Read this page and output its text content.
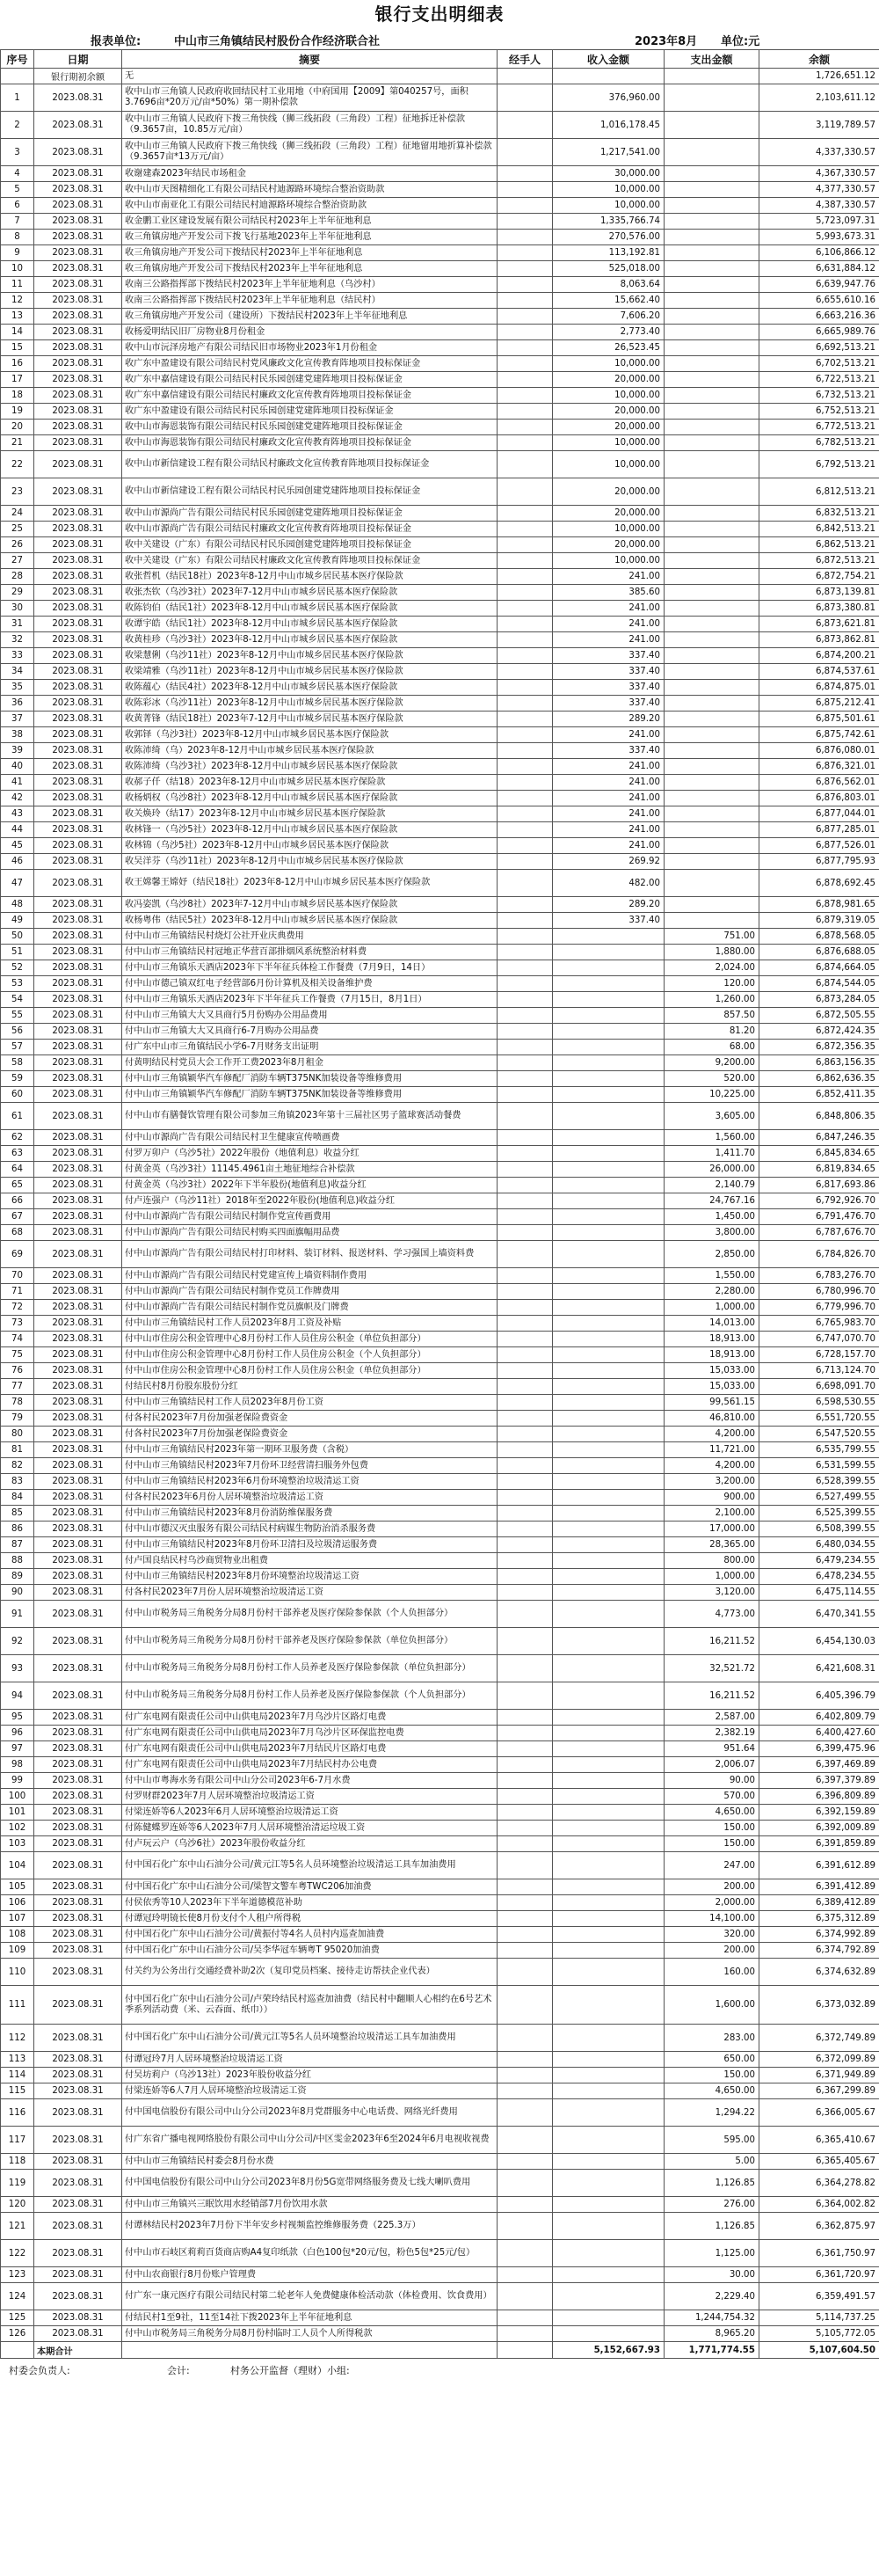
银行支出明细表
报表单位:	中山市三角镇结民村股份合作经济联合社	2023年8月 单位:元
序号	日期	摘要	经手人	收入金额	支出金额	余额
	银行期初余额	无				1,726,651.12
1	2023.08.31	收中山市三角镇人民政府收回结民村工业用地（中府国用【2009】第040257号，面积3.7696亩*20万元/亩*50%）第一期补偿款		376,960.00		2,103,611.12
2	2023.08.31	收中山市三角镇人民政府下拨三角快线（狮三线拓段（三角段）工程）征地拆迁补偿款（9.3657亩，10.85万元/亩）		1,016,178.45		3,119,789.57
3	2023.08.31	收中山市三角镇人民政府下拨三角快线（狮三线拓段（三角段）工程）征地留用地折算补偿款（9.3657亩*13万元/亩）		1,217,541.00		4,337,330.57
4	2023.08.31	收谢建森2023年结民市场租金		30,000.00		4,367,330.57
5	2023.08.31	收中山市天图精细化工有限公司结民村迪源路环境综合整治资助款		10,000.00		4,377,330.57
6	2023.08.31	收中山市南亚化工有限公司结民村迪源路环境综合整治资助款		10,000.00		4,387,330.57
7	2023.08.31	收金鹏工业区建设发展有限公司结民村2023年上半年征地利息		1,335,766.74		5,723,097.31
8	2023.08.31	收三角镇房地产开发公司下拨飞行基地2023年上半年征地利息		270,576.00		5,993,673.31
9	2023.08.31	收三角镇房地产开发公司下拨结民村2023年上半年征地利息		113,192.81		6,106,866.12
10	2023.08.31	收三角镇房地产开发公司下拨结民村2023年上半年征地利息		525,018.00		6,631,884.12
11	2023.08.31	收南三公路指挥部下拨结民村2023年上半年征地利息（乌沙村）		8,063.64		6,639,947.76
12	2023.08.31	收南三公路指挥部下拨结民村2023年上半年征地利息（结民村）		15,662.40		6,655,610.16
13	2023.08.31	收三角镇房地产开发公司（建设所）下拨结民村2023年上半年征地利息		7,606.20		6,663,216.36
14	2023.08.31	收杨爱明结民旧厂房物业8月份租金		2,773.40		6,665,989.76
15	2023.08.31	收中山市沅泽房地产有限公司结民旧市场物业2023年1月份租金		26,523.45		6,692,513.21
16	2023.08.31	收广东中盈建设有限公司结民村党风廉政文化宣传教育阵地项目投标保证金		10,000.00		6,702,513.21
17	2023.08.31	收广东中嘉信建设有限公司结民村民乐园创建党建阵地项目投标保证金		20,000.00		6,722,513.21
18	2023.08.31	收广东中嘉信建设有限公司结民村廉政文化宣传教育阵地项目投标保证金		10,000.00		6,732,513.21
19	2023.08.31	收广东中盈建设有限公司结民村民乐园创建党建阵地项目投标保证金		20,000.00		6,752,513.21
20	2023.08.31	收中山市海恩装饰有限公司结民村民乐园创建党建阵地项目投标保证金		20,000.00		6,772,513.21
21	2023.08.31	收中山市海恩装饰有限公司结民村廉政文化宣传教育阵地项目投标保证金		10,000.00		6,782,513.21
22	2023.08.31	收中山市新信建设工程有限公司结民村廉政文化宣传教育阵地项目投标保证金		10,000.00		6,792,513.21
23	2023.08.31	收中山市新信建设工程有限公司结民村民乐园创建党建阵地项目投标保证金		20,000.00		6,812,513.21
24	2023.08.31	收中山市源尚广告有限公司结民村民乐园创建党建阵地项目投标保证金		20,000.00		6,832,513.21
25	2023.08.31	收中山市源尚广告有限公司结民村廉政文化宣传教育阵地项目投标保证金		10,000.00		6,842,513.21
26	2023.08.31	收中关建设（广东）有限公司结民村民乐园创建党建阵地项目投标保证金		20,000.00		6,862,513.21
27	2023.08.31	收中关建设（广东）有限公司结民村廉政文化宣传教育阵地项目投标保证金		10,000.00		6,872,513.21
28	2023.08.31	收张哲机（结民18社）2023年8-12月中山市城乡居民基本医疗保险款		241.00		6,872,754.21
29	2023.08.31	收张杰钦（乌沙3社）2023年7-12月中山市城乡居民基本医疗保险款		385.60		6,873,139.81
30	2023.08.31	收陈钧伯（结民1社）2023年8-12月中山市城乡居民基本医疗保险款		241.00		6,873,380.81
31	2023.08.31	收谭宇皓（结民1社）2023年8-12月中山市城乡居民基本医疗保险款		241.00		6,873,621.81
32	2023.08.31	收黄桂珍（乌沙3社）2023年8-12月中山市城乡居民基本医疗保险款		241.00		6,873,862.81
33	2023.08.31	收梁慧俐（乌沙11社）2023年8-12月中山市城乡居民基本医疗保险款		337.40		6,874,200.21
34	2023.08.31	收梁靖雅（乌沙11社）2023年8-12月中山市城乡居民基本医疗保险款		337.40		6,874,537.61
35	2023.08.31	收陈蕴心（结民4社）2023年8-12月中山市城乡居民基本医疗保险款		337.40		6,874,875.01
36	2023.08.31	收陈彩冰（乌沙11社）2023年8-12月中山市城乡居民基本医疗保险款		337.40		6,875,212.41
37	2023.08.31	收黄菁锋（结民18社）2023年7-12月中山市城乡居民基本医疗保险款		289.20		6,875,501.61
38	2023.08.31	收郭铎（乌沙3社）2023年8-12月中山市城乡居民基本医疗保险款		241.00		6,875,742.61
39	2023.08.31	收陈沛绮（乌）2023年8-12月中山市城乡居民基本医疗保险款		337.40		6,876,080.01
40	2023.08.31	收陈沛绮（乌沙3社）2023年8-12月中山市城乡居民基本医疗保险款		241.00		6,876,321.01
41	2023.08.31	收郝子仟（结18）2023年8-12月中山市城乡居民基本医疗保险款		241.00		6,876,562.01
42	2023.08.31	收杨炳权（乌沙8社）2023年8-12月中山市城乡居民基本医疗保险款		241.00		6,876,803.01
43	2023.08.31	收关焕玲（结17）2023年8-12月中山市城乡居民基本医疗保险款		241.00		6,877,044.01
44	2023.08.31	收林锋一（乌沙5社）2023年8-12月中山市城乡居民基本医疗保险款		241.00		6,877,285.01
45	2023.08.31	收林锦（乌沙5社）2023年8-12月中山市城乡居民基本医疗保险款		241.00		6,877,526.01
46	2023.08.31	收吴洋芬（乌沙11社）2023年8-12月中山市城乡居民基本医疗保险款		269.92		6,877,795.93
47	2023.08.31	收王嫦馨王嫦妤（结民18社）2023年8-12月中山市城乡居民基本医疗保险款		482.00		6,878,692.45
48	2023.08.31	收冯姿凯（乌沙8社）2023年7-12月中山市城乡居民基本医疗保险款		289.20		6,878,981.65
49	2023.08.31	收杨粤伟（结民5社）2023年8-12月中山市城乡居民基本医疗保险款		337.40		6,879,319.05
50	2023.08.31	付中山市三角镇结民村烧灯公社开业庆典费用			751.00	6,878,568.05
51	2023.08.31	付中山市三角镇结民村冠地正华营百部排烟风系统整治材料费			1,880.00	6,876,688.05
52	2023.08.31	付中山市三角镇乐天酒店2023年下半年征兵体检工作餐费（7月9日，14日）			2,024.00	6,874,664.05
53	2023.08.31	付中山市德己镇双红电子经营部6月份计算机及相关设备维护费			120.00	6,874,544.05
54	2023.08.31	付中山市三角镇乐天酒店2023年下半年征兵工作餐费（7月15日，8月1日）			1,260.00	6,873,284.05
55	2023.08.31	付中山市三角镇大大又具商行5月份购办公用品费用			857.50	6,872,505.55
56	2023.08.31	付中山市三角镇大大又具商行6-7月购办公用品费			81.20	6,872,424.35
57	2023.08.31	付广东中山市三角镇结民小学6-7月财务支出证明			68.00	6,872,356.35
58	2023.08.31	付黄明结民村党员大会工作开工费2023年8月租金			9,200.00	6,863,156.35
59	2023.08.31	付中山市三角镇颖华汽车修配厂消防车辆T375NK加装设备等维修费用			520.00	6,862,636.35
60	2023.08.31	付中山市三角镇颖华汽车修配厂消防车辆T375NK加装设备等维修费用			10,225.00	6,852,411.35
61	2023.08.31	付中山市有膳餐饮管理有限公司参加三角镇2023年第十三届社区男子篮球赛活动餐费			3,605.00	6,848,806.35
62	2023.08.31	付中山市源尚广告有限公司结民村卫生健康宣传喷画费			1,560.00	6,847,246.35
63	2023.08.31	付罗万卯户（乌沙5社）2022年股份（地值利息）收益分红			1,411.70	6,845,834.65
64	2023.08.31	付黄金英（乌沙3社）11145.4961亩土地征地综合补偿款			26,000.00	6,819,834.65
65	2023.08.31	付黄金英（乌沙3社）2022年下半年股份(地值利息)收益分红			2,140.79	6,817,693.86
66	2023.08.31	付卢连强户（乌沙11社）2018年至2022年股份(地值利息)收益分红			24,767.16	6,792,926.70
67	2023.08.31	付中山市源尚广告有限公司结民村制作党宣传画费用			1,450.00	6,791,476.70
68	2023.08.31	付中山市源尚广告有限公司结民村购买四面旗幅用品费			3,800.00	6,787,676.70
69	2023.08.31	付中山市源尚广告有限公司结民村打印材料、装订材料、报送材料、学习强国上墙资料费			2,850.00	6,784,826.70
70	2023.08.31	付中山市源尚广告有限公司结民村党建宣传上墙资料制作费用			1,550.00	6,783,276.70
71	2023.08.31	付中山市源尚广告有限公司结民村制作党员工作牌费用			2,280.00	6,780,996.70
72	2023.08.31	付中山市源尚广告有限公司结民村制作党员旗帜及门牌费			1,000.00	6,779,996.70
73	2023.08.31	付中山市三角镇结民村工作人员2023年8月工资及补贴			14,013.00	6,765,983.70
74	2023.08.31	付中山市住房公积金管理中心8月份村工作人员住房公积金（单位负担部分）			18,913.00	6,747,070.70
75	2023.08.31	付中山市住房公积金管理中心8月份村工作人员住房公积金（个人负担部分）			18,913.00	6,728,157.70
76	2023.08.31	付中山市住房公积金管理中心8月份村工作人员住房公积金（单位负担部分）			15,033.00	6,713,124.70
77	2023.08.31	付结民村8月份股东股份分红			15,033.00	6,698,091.70
78	2023.08.31	付中山市三角镇结民村工作人员2023年8月份工资			99,561.15	6,598,530.55
79	2023.08.31	付各村民2023年7月份加强老保险费资金			46,810.00	6,551,720.55
80	2023.08.31	付各村民2023年7月份加强老保险费资金			4,200.00	6,547,520.55
81	2023.08.31	付中山市三角镇结民村2023年第一期环卫服务费（含税）			11,721.00	6,535,799.55
82	2023.08.31	付中山市三角镇结民村2023年7月份环卫经营清扫服务外包费			4,200.00	6,531,599.55
83	2023.08.31	付中山市三角镇结民村2023年6月份环境整治垃圾清运工资			3,200.00	6,528,399.55
84	2023.08.31	付各村民2023年6月份人居环境整治垃圾清运工资			900.00	6,527,499.55
85	2023.08.31	付中山市三角镇结民村2023年8月份消防维保服务费			2,100.00	6,525,399.55
86	2023.08.31	付中山市德汉灭虫服务有限公司结民村病媒生物防治消杀服务费			17,000.00	6,508,399.55
87	2023.08.31	付中山市三角镇结民村2023年8月份环卫清扫及垃圾清运服务费			28,365.00	6,480,034.55
88	2023.08.31	付卢国良结民村乌沙商贸物业出租费			800.00	6,479,234.55
89	2023.08.31	付中山市三角镇结民村2023年8月份环境整治垃圾清运工资			1,000.00	6,478,234.55
90	2023.08.31	付各村民2023年7月份人居环境整治垃圾清运工资			3,120.00	6,475,114.55
91	2023.08.31	付中山市税务局三角税务分局8月份村干部养老及医疗保险参保款（个人负担部分）			4,773.00	6,470,341.55
92	2023.08.31	付中山市税务局三角税务分局8月份村干部养老及医疗保险参保款（单位负担部分）			16,211.52	6,454,130.03
93	2023.08.31	付中山市税务局三角税务分局8月份村工作人员养老及医疗保险参保款（单位负担部分）			32,521.72	6,421,608.31
94	2023.08.31	付中山市税务局三角税务分局8月份村工作人员养老及医疗保险参保款（个人负担部分）			16,211.52	6,405,396.79
95	2023.08.31	付广东电网有限责任公司中山供电局2023年7月乌沙片区路灯电费			2,587.00	6,402,809.79
96	2023.08.31	付广东电网有限责任公司中山供电局2023年7月乌沙片区环保监控电费			2,382.19	6,400,427.60
97	2023.08.31	付广东电网有限责任公司中山供电局2023年7月结民片区路灯电费			951.64	6,399,475.96
98	2023.08.31	付广东电网有限责任公司中山供电局2023年7月结民村办公电费			2,006.07	6,397,469.89
99	2023.08.31	付中山市粤海水务有限公司中山分公司2023年6-7月水费			90.00	6,397,379.89
100	2023.08.31	付罗财群2023年7月人居环境整治垃圾清运工资			570.00	6,396,809.89
101	2023.08.31	付梁连娇等6人2023年6月人居环境整治垃圾清运工资			4,650.00	6,392,159.89
102	2023.08.31	付陈健蝶罗连娇等6人2023年7月人居环境整治清运垃圾工资			150.00	6,392,009.89
103	2023.08.31	付卢玩云户（乌沙6社）2023年股份收益分红			150.00	6,391,859.89
104	2023.08.31	付中国石化广东中山石油分公司/黄元江等5名人员环境整治垃圾清运工具车加油费用			247.00	6,391,612.89
105	2023.08.31	付中国石化广东中山石油分公司/梁智文警车粤TWC206加油费			200.00	6,391,412.89
106	2023.08.31	付侯依秀等10人2023年下半年道德模范补助			2,000.00	6,389,412.89
107	2023.08.31	付谭冠玲明镜长使8月份支付个人租户所得税			14,100.00	6,375,312.89
108	2023.08.31	付中国石化广东中山石油分公司/黄振付等4名人员村内巡查加油费			320.00	6,374,992.89
109	2023.08.31	付中国石化广东中山石油分公司/吴李华冠车辆粤T 95020加油费			200.00	6,374,792.89
110	2023.08.31	付关约为公务出行交通经费补助2次（复印党员档案、接待走访帮扶企业代表）			160.00	6,374,632.89
111	2023.08.31	付中国石化广东中山石油分公司/卢荣玲结民村巡查加油费（结民村中翻顺人心相约在6号艺术季系列活动费（米、云吞面、纸巾））			1,600.00	6,373,032.89
112	2023.08.31	付中国石化广东中山石油分公司/黄元江等5名人员环境整治垃圾清运工具车加油费用			283.00	6,372,749.89
113	2023.08.31	付谭冠玲7月人居环境整治垃圾清运工资			650.00	6,372,099.89
114	2023.08.31	付吴坊莉户（乌沙13社）2023年股份收益分红			150.00	6,371,949.89
115	2023.08.31	付梁连娇等6人7月人居环境整治垃圾清运工资			4,650.00	6,367,299.89
116	2023.08.31	付中国电信股份有限公司中山分公司2023年8月党群服务中心电话费、网络光纤费用			1,294.22	6,366,005.67
117	2023.08.31	付广东省广播电视网络股份有限公司中山分公司/中区雯金2023年6至2024年6月电视收视费			595.00	6,365,410.67
118	2023.08.31	付中山市三角镇结民村委会8月份水费			5.00	6,365,405.67
119	2023.08.31	付中国电信股份有限公司中山分公司2023年8月份5G宽带网络服务费及七线大喇叭费用			1,126.85	6,364,278.82
120	2023.08.31	付中山市三角镇兴三眠饮用水经销部7月份饮用水款			276.00	6,364,002.82
121	2023.08.31	付谭林结民村2023年7月份下半年安乡村视频监控维修服务费（225.3万）			1,126.85	6,362,875.97
122	2023.08.31	付中山市石岐区莉莉百货商店购A4复印纸款（白色100包*20元/包，粉色5包*25元/包）			1,125.00	6,361,750.97
123	2023.08.31	付中山农商银行8月份账户管理费			30.00	6,361,720.97
124	2023.08.31	付广东一康元医疗有限公司结民村第二轮老年人免费健康体检活动款（体检费用、饮食费用）			2,229.40	6,359,491.57
125	2023.08.31	付结民村1至9社，11至14社下拨2023年上半年征地利息			1,244,754.32	5,114,737.25
126	2023.08.31	付中山市税务局三角税务分局8月份村临时工人员个人所得税款			8,965.20	5,105,772.05
	本期合计			5,152,667.93	1,771,774.55	5,107,604.50
村委会负责人:	会计:	村务公开监督（理财）小组:
